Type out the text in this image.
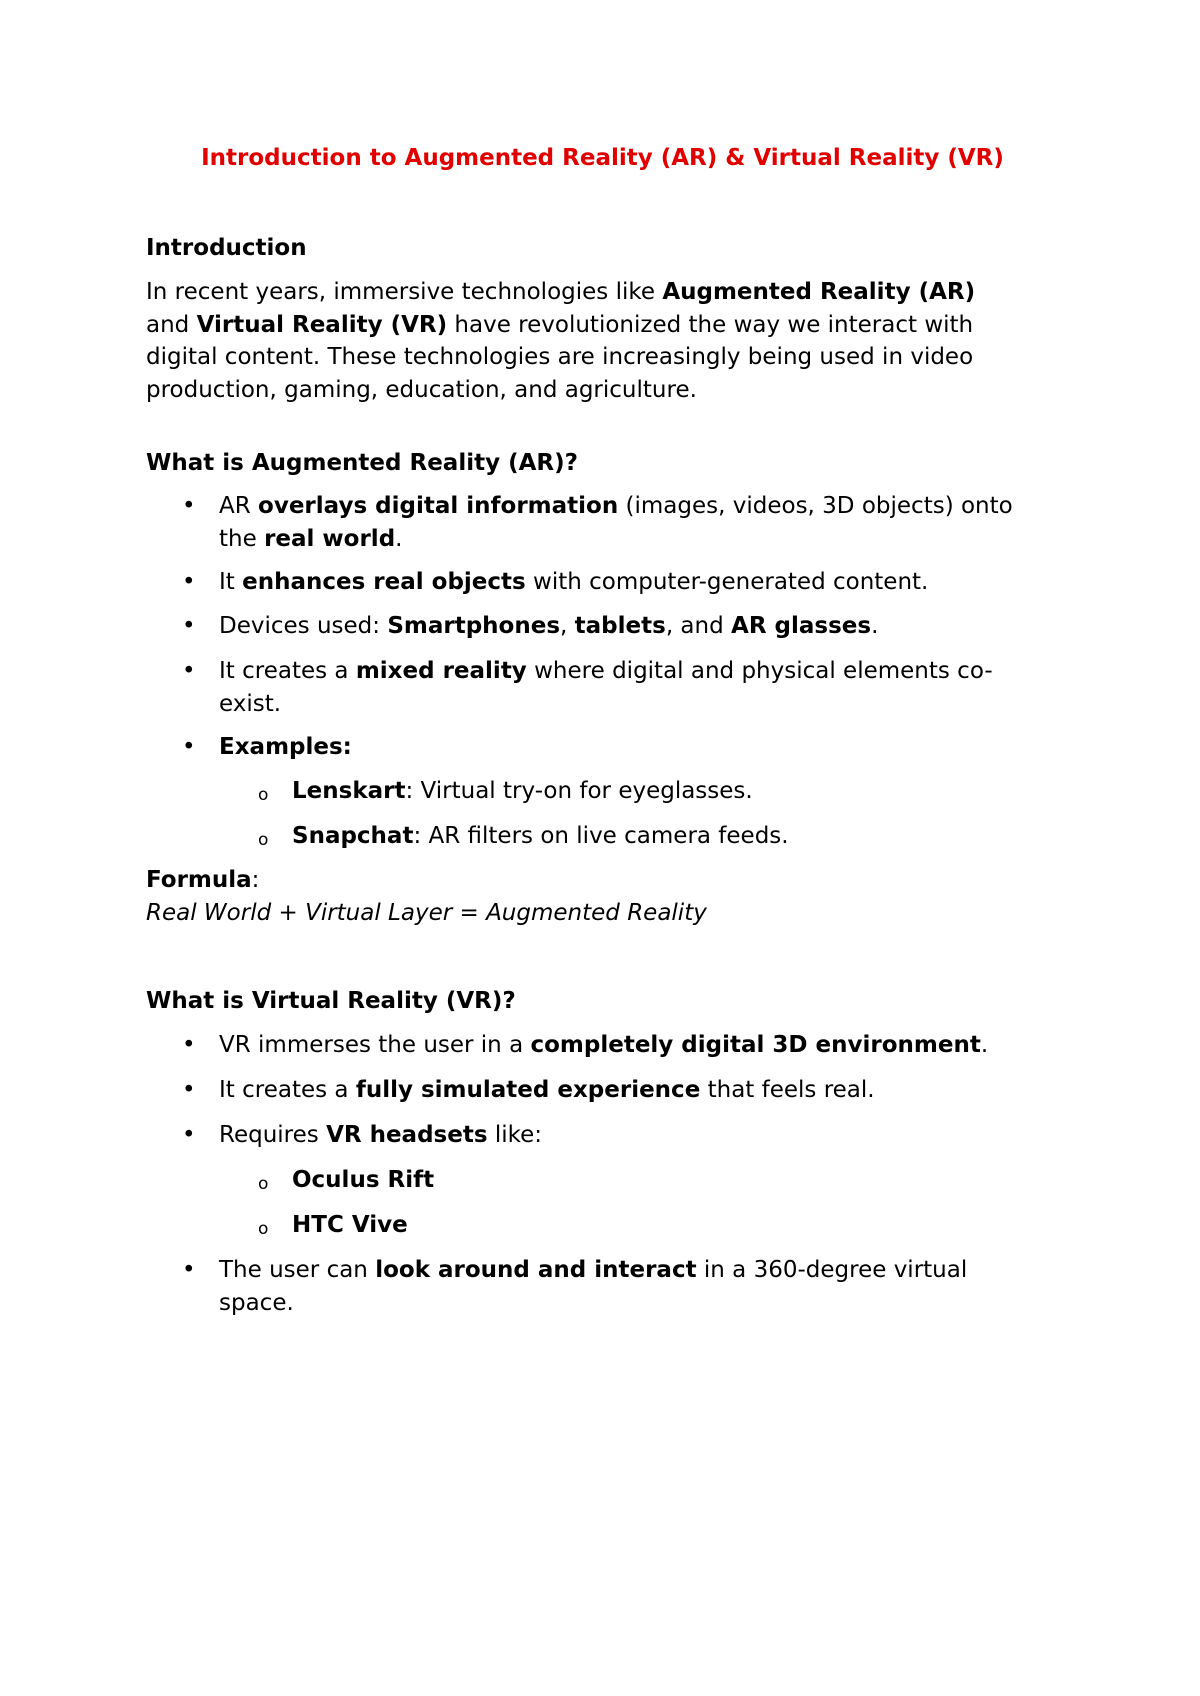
Introduction to Augmented Reality (AR) & Virtual Reality (VR)
Introduction
In recent years, immersive technologies like Augmented Reality (AR)
and Virtual Reality (VR) have revolutionized the way we interact with
digital content. These technologies are increasingly being used in video
production, gaming, education, and agriculture.
What is Augmented Reality (AR)?
• AR overlays digital information (images, videos, 3D objects) onto
the real world.
• It enhances real objects with computer-generated content.
• Devices used: Smartphones, tablets, and AR glasses.
• It creates a mixed reality where digital and physical elements co-
exist.
• Examples:
o Lenskart: Virtual try-on for eyeglasses.
o Snapchat: AR filters on live camera feeds.
Formula:
Real World + Virtual Layer = Augmented Reality
What is Virtual Reality (VR)?
• VR immerses the user in a completely digital 3D environment.
• It creates a fully simulated experience that feels real.
• Requires VR headsets like:
o Oculus Rift
o HTC Vive
• The user can look around and interact in a 360-degree virtual
space.
